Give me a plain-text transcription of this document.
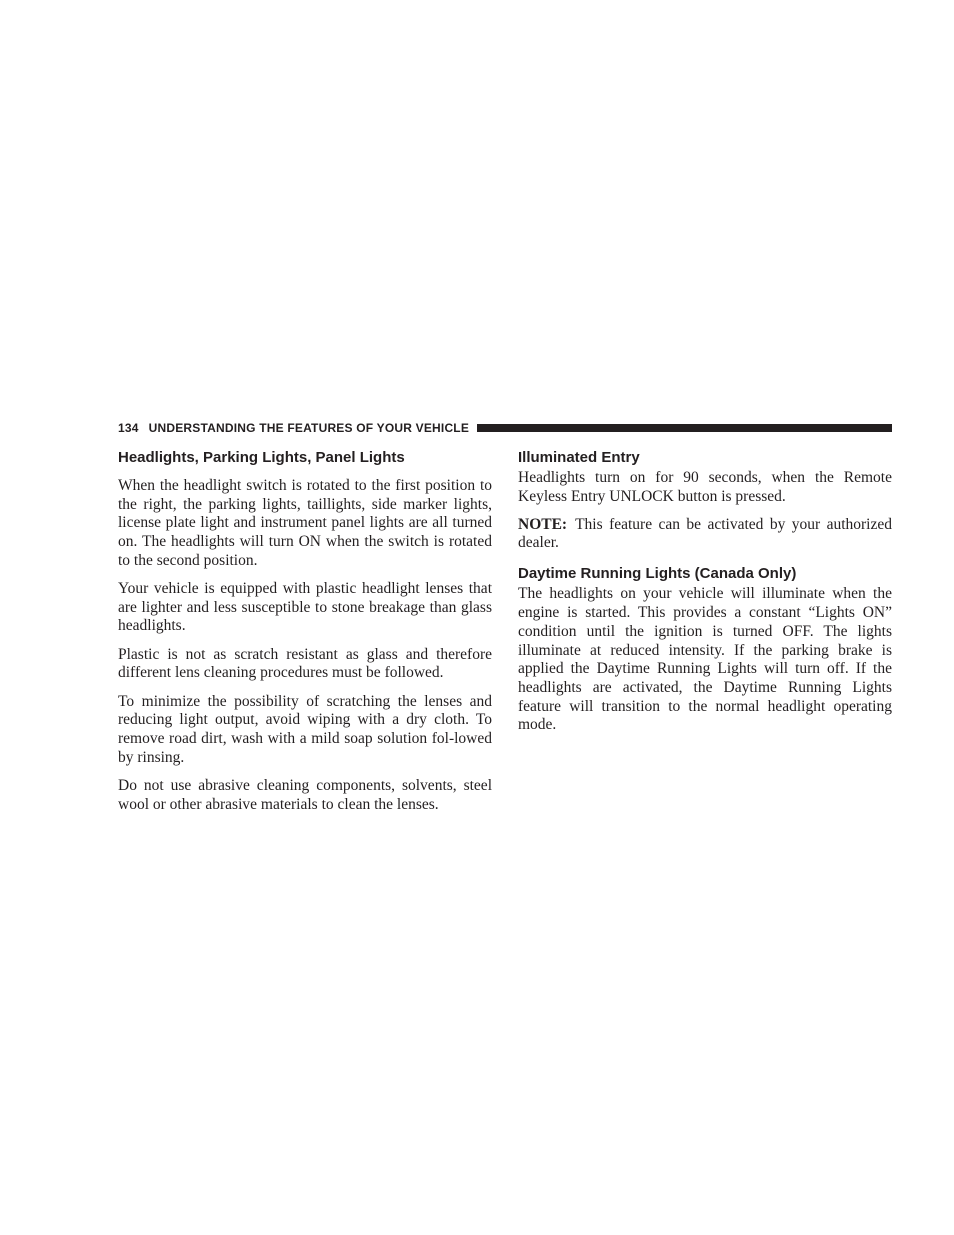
134 UNDERSTANDING THE FEATURES OF YOUR VEHICLE
Headlights, Parking Lights, Panel Lights

When the headlight switch is rotated to the first position to the right, the parking lights, taillights, side marker lights, license plate light and instrument panel lights are all turned on. The headlights will turn ON when the switch is rotated to the second position.

Your vehicle is equipped with plastic headlight lenses that are lighter and less susceptible to stone breakage than glass headlights.

Plastic is not as scratch resistant as glass and therefore different lens cleaning procedures must be followed.

To minimize the possibility of scratching the lenses and reducing light output, avoid wiping with a dry cloth. To remove road dirt, wash with a mild soap solution fol-lowed by rinsing.

Do not use abrasive cleaning components, solvents, steel wool or other abrasive materials to clean the lenses.

Illuminated Entry

Headlights turn on for 90 seconds, when the Remote Keyless Entry UNLOCK button is pressed.

NOTE: This feature can be activated by your authorized dealer.

Daytime Running Lights (Canada Only)

The headlights on your vehicle will illuminate when the engine is started. This provides a constant “Lights ON” condition until the ignition is turned OFF. The lights illuminate at reduced intensity. If the parking brake is applied the Daytime Running Lights will turn off. If the headlights are activated, the Daytime Running Lights feature will transition to the normal headlight operating mode.
